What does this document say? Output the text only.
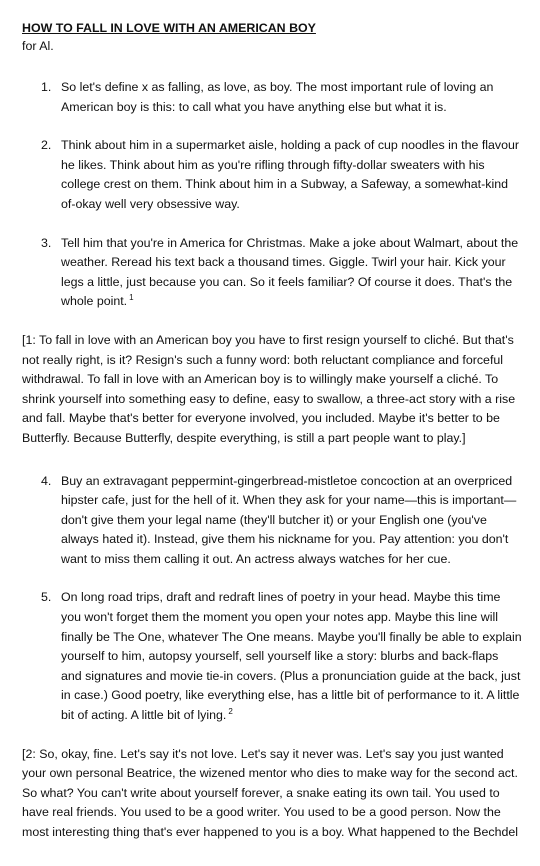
HOW TO FALL IN LOVE WITH AN AMERICAN BOY

for Al.

1. So let's define x as falling, as love, as boy. The most important rule of loving an American boy is this: to call what you have anything else but what it is.

2. Think about him in a supermarket aisle, holding a pack of cup noodles in the flavour he likes. Think about him as you're rifling through fifty-dollar sweaters with his college crest on them. Think about him in a Subway, a Safeway, a somewhat-kind of-okay well very obsessive way.

3. Tell him that you're in America for Christmas. Make a joke about Walmart, about the weather. Reread his text back a thousand times. Giggle. Twirl your hair. Kick your legs a little, just because you can. So it feels familiar? Of course it does. That's the whole point. $^1$

[1: To fall in love with an American boy you have to first resign yourself to cliché. But that's not really right, is it? Resign's such a funny word: both reluctant compliance and forceful withdrawal. To fall in love with an American boy is to willingly make yourself a cliché. To shrink yourself into something easy to define, easy to swallow, a three-act story with a rise and fall. Maybe that's better for everyone involved, you included. Maybe it's better to be Butterfly. Because Butterfly, despite everything, is still a part people want to play.]

4. Buy an extravagant peppermint-gingerbread-mistletoe concoction at an overpriced hipster cafe, just for the hell of it. When they ask for your name—this is important—don't give them your legal name (they'll butcher it) or your English one (you've always hated it). Instead, give them his nickname for you. Pay attention: you don't want to miss them calling it out. An actress always watches for her cue.

5. On long road trips, draft and redraft lines of poetry in your head. Maybe this time you won't forget them the moment you open your notes app. Maybe this line will finally be The One, whatever The One means. Maybe you'll finally be able to explain yourself to him, autopsy yourself, sell yourself like a story: blurbs and back-flaps and signatures and movie tie-in covers. (Plus a pronunciation guide at the back, just in case.) Good poetry, like everything else, has a little bit of performance to it. A little bit of acting. A little bit of lying. $^2$

[2: So, okay, fine. Let's say it's not love. Let's say it never was. Let's say you just wanted your own personal Beatrice, the wizened mentor who dies to make way for the second act. So what? You can't write about yourself forever, a snake eating its own tail. You used to have real friends. You used to be a good writer. You used to be a good person. Now the most interesting thing that's ever happened to you is a boy. What happened to the Bechdel
